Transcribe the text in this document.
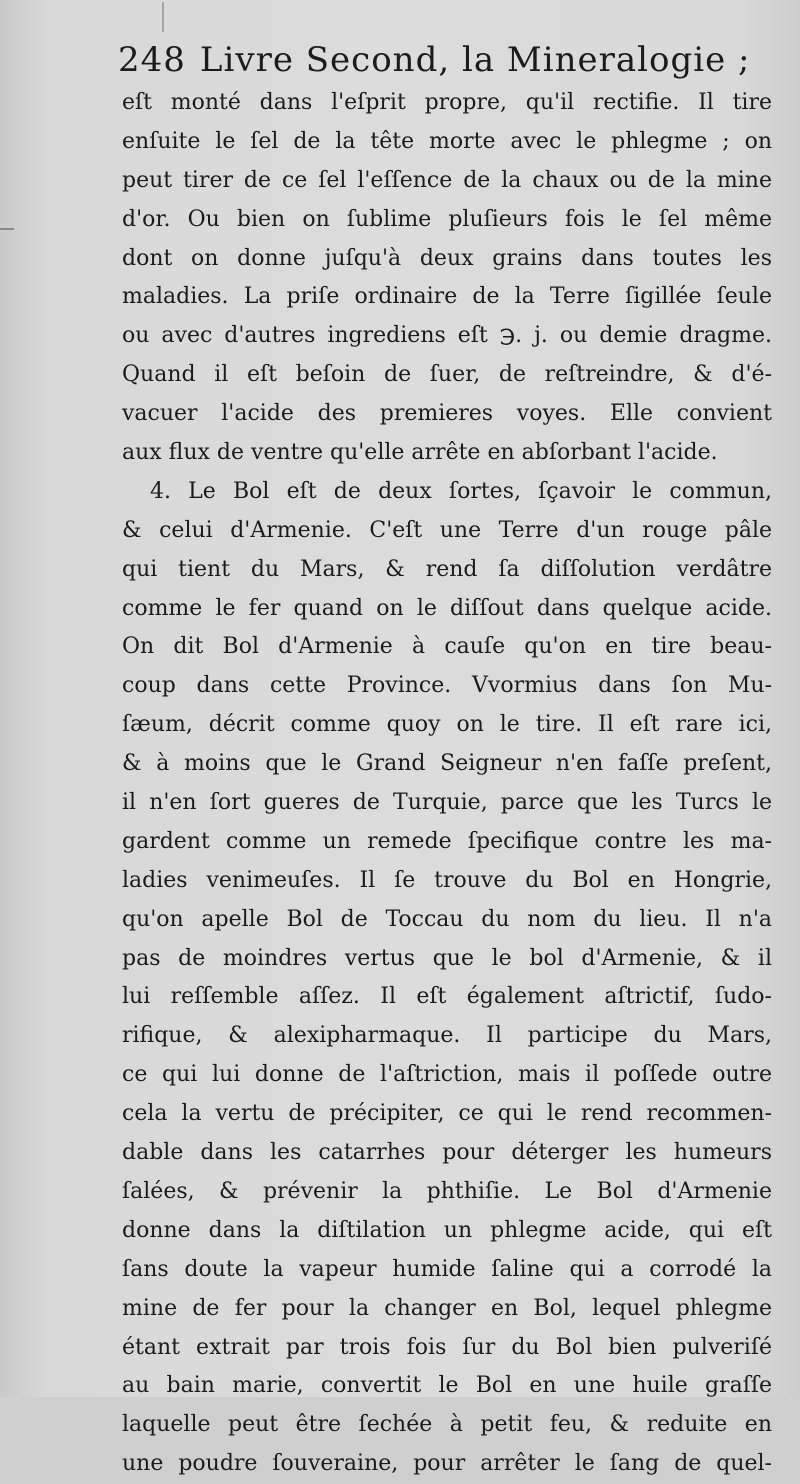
248 Livre Second, la Mineralogie ;
eſt monté dans l'eſprit propre, qu'il rectifie. Il tire
enſuite le ſel de la tête morte avec le phlegme ; on
peut tirer de ce ſel l'eſſence de la chaux ou de la mine
d'or. Ou bien on ſublime pluſieurs fois le ſel même
dont on donne juſqu'à deux grains dans toutes les
maladies. La priſe ordinaire de la Terre ſigillée ſeule
ou avec d'autres ingrediens eſt ℈. j. ou demie dragme.
Quand il eſt beſoin de ſuer, de reſtreindre, & d'é-
vacuer l'acide des premieres voyes. Elle convient
aux flux de ventre qu'elle arrête en abſorbant l'acide.
4. Le Bol eſt de deux ſortes, ſçavoir le commun,
& celui d'Armenie. C'eſt une Terre d'un rouge pâle
qui tient du Mars, & rend ſa diſſolution verdâtre
comme le fer quand on le diſſout dans quelque acide.
On dit Bol d'Armenie à cauſe qu'on en tire beau-
coup dans cette Province. Vvormius dans ſon Mu-
ſæum, décrit comme quoy on le tire. Il eſt rare ici,
& à moins que le Grand Seigneur n'en faſſe preſent,
il n'en ſort gueres de Turquie, parce que les Turcs le
gardent comme un remede ſpecifique contre les ma-
ladies venimeuſes. Il ſe trouve du Bol en Hongrie,
qu'on apelle Bol de Toccau du nom du lieu. Il n'a
pas de moindres vertus que le bol d'Armenie, & il
lui reſſemble aſſez. Il eſt également aſtrictif, ſudo-
rifique, & alexipharmaque. Il participe du Mars,
ce qui lui donne de l'aſtriction, mais il poſſede outre
cela la vertu de précipiter, ce qui le rend recommen-
dable dans les catarrhes pour déterger les humeurs
ſalées, & prévenir la phthiſie. Le Bol d'Armenie
donne dans la diſtilation un phlegme acide, qui eſt
ſans doute la vapeur humide ſaline qui a corrodé la
mine de fer pour la changer en Bol, lequel phlegme
étant extrait par trois fois ſur du Bol bien pulveriſé
au bain marie, convertit le Bol en une huile graſſe
laquelle peut être ſechée à petit feu, & reduite en
une poudre ſouveraine, pour arrêter le ſang de quel-
